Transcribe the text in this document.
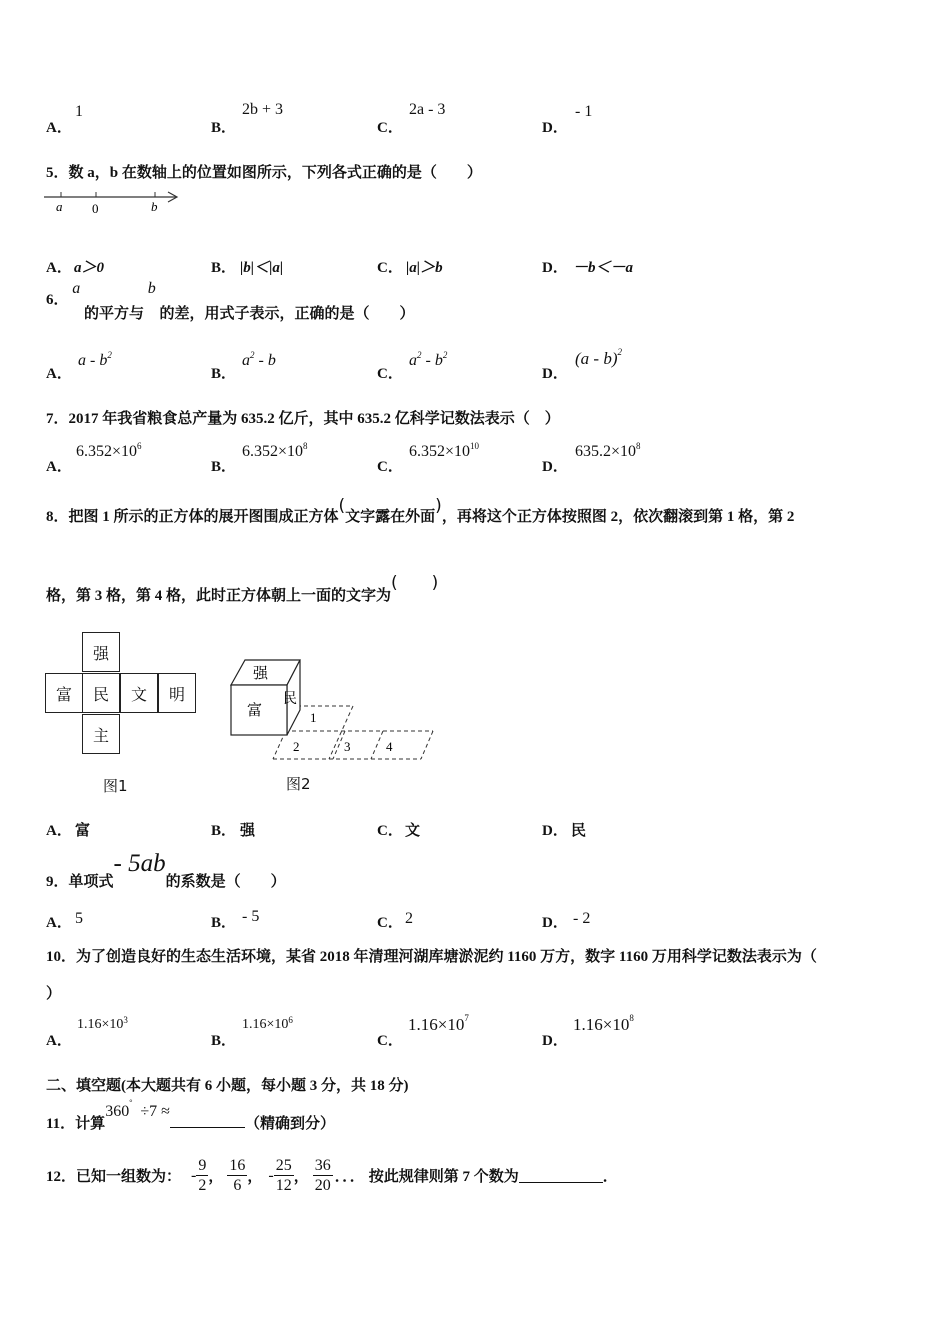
A．
1
B．
2b + 3
C．
2a - 3
D．
- 1
5．数 a，b 在数轴上的位置如图所示，下列各式正确的是（　　）
a 0	b
A． a＞0	B． |b|＜|a|	C． |a|＞b	D． －b＜－a
6． a 的平方与 b 的差，用式子表示，正确的是（　　）
A．
a - $b^2$
B．
$a^2$ - b
C．
$a^2 - b^2$
D．
(a - b)$^2$
7．2017 年我省粮食总产量为 635.2 亿斤，其中 635.2 亿科学记数法表示（　）
A．
$6.352\times 10^6$
B．
$6.352\times 10^8$
C．
$6.352\times 10^{10}$
D．
$635.2\times 10^8$
8．把图 1 所示的正方体的展开图围成正方体(文字露在外面)，再将这个正方体按照图 2，依次翻滚到第 1 格，第 2
格，第 3 格，第 4 格，此时正方体朝上一面的文字为(　　)
强
富	民	文	明
主
图1
强
富
民
1
2	3	4
图2
A． 富	B． 强	C． 文	D． 民
9．单项式- 5ab的系数是（　　）
A． 5	B． - 5	C． 2	D． - 2
10．为了创造良好的生态生活环境，某省 2018 年清理河湖库塘淤泥约 1160 万方，数字 1160 万用科学记数法表示为（
）
A．
$1.16\times 10^3$
B．
$1.16\times 10^6$
C．
$1.16\times 10^7$
D．
$1.16\times 10^8$
二、填空题(本大题共有 6 小题，每小题 3 分，共 18 分)
11．计算360°÷7 ≈（精确到分）
12．已知一组数为： - $\frac{9}{2}$ ， $\frac{16}{6}$ ， - $\frac{25}{12}$ ， $\frac{36}{20}$ ．．． 按此规律则第 7 个数为	．
